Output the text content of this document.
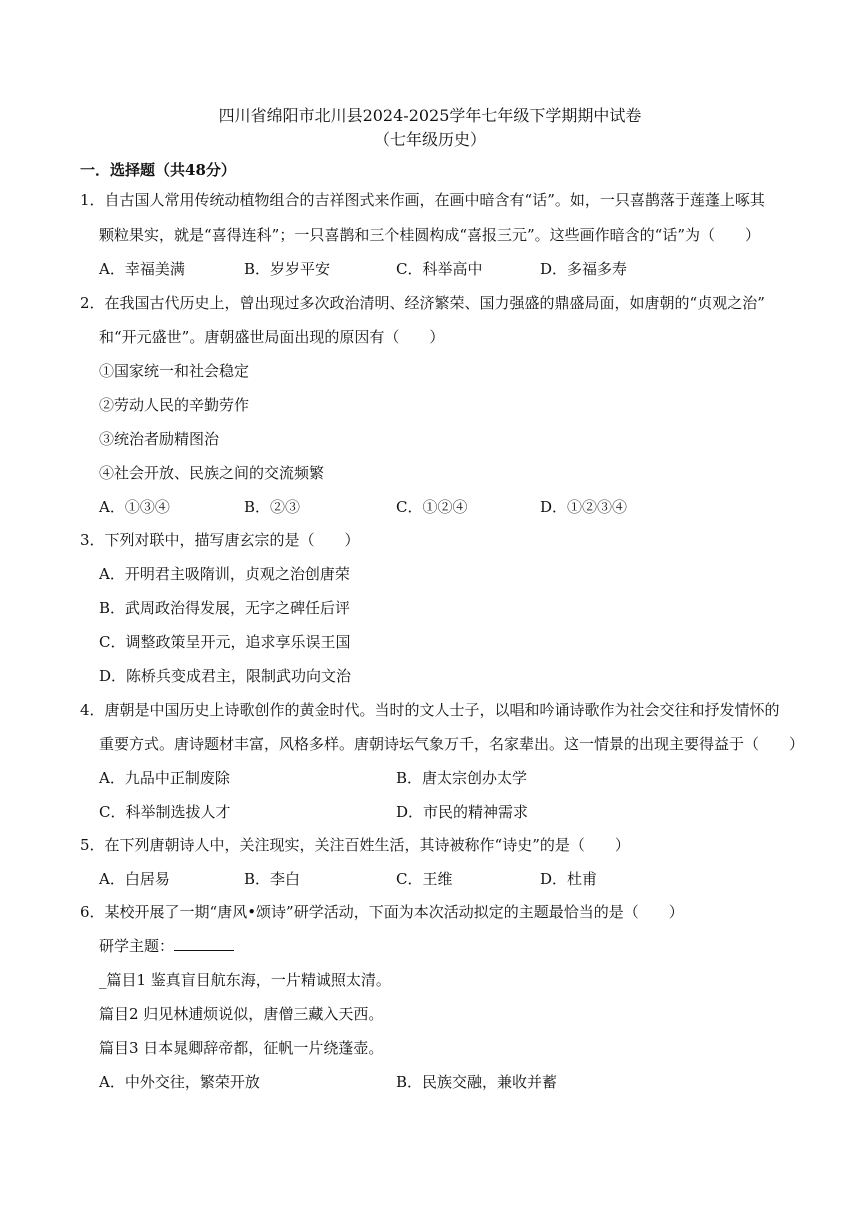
四川省绵阳市北川县2024-2025学年七年级下学期期中试卷
（七年级历史）
一．选择题（共48分）
1．自古国人常用传统动植物组合的吉祥图式来作画，在画中暗含有“话”。如，一只喜鹊落于莲蓬上啄其
颗粒果实，就是“喜得连科”；一只喜鹊和三个桂圆构成“喜报三元”。这些画作暗含的“话”为（　　）
A．幸福美满	B．岁岁平安	C．科举高中	D．多福多寿
2．在我国古代历史上，曾出现过多次政治清明、经济繁荣、国力强盛的鼎盛局面，如唐朝的“贞观之治”
和“开元盛世”。唐朝盛世局面出现的原因有（　　）
①国家统一和社会稳定
②劳动人民的辛勤劳作
③统治者励精图治
④社会开放、民族之间的交流频繁
A．①③④	B．②③	C．①②④	D．①②③④
3．下列对联中，描写唐玄宗的是（　　）
A．开明君主吸隋训，贞观之治创唐荣
B．武周政治得发展，无字之碑任后评
C．调整政策呈开元，追求享乐误王国
D．陈桥兵变成君主，限制武功向文治
4．唐朝是中国历史上诗歌创作的黄金时代。当时的文人士子，以唱和吟诵诗歌作为社会交往和抒发情怀的
重要方式。唐诗题材丰富，风格多样。唐朝诗坛气象万千，名家辈出。这一情景的出现主要得益于（　　）
A．九品中正制废除	B．唐太宗创办太学
C．科举制选拔人才	D．市民的精神需求
5．在下列唐朝诗人中，关注现实，关注百姓生活，其诗被称作“诗史”的是（　　）
A．白居易	B．李白	C．王维	D．杜甫
6．某校开展了一期“唐风•颂诗”研学活动，下面为本次活动拟定的主题最恰当的是（　　）
研学主题：
_篇目1 鉴真盲目航东海，一片精诚照太清。
篇目2 归见林逋烦说似，唐僧三藏入天西。
篇目3 日本晁卿辞帝都，征帆一片绕蓬壶。
A．中外交往，繁荣开放	B．民族交融，兼收并蓄
